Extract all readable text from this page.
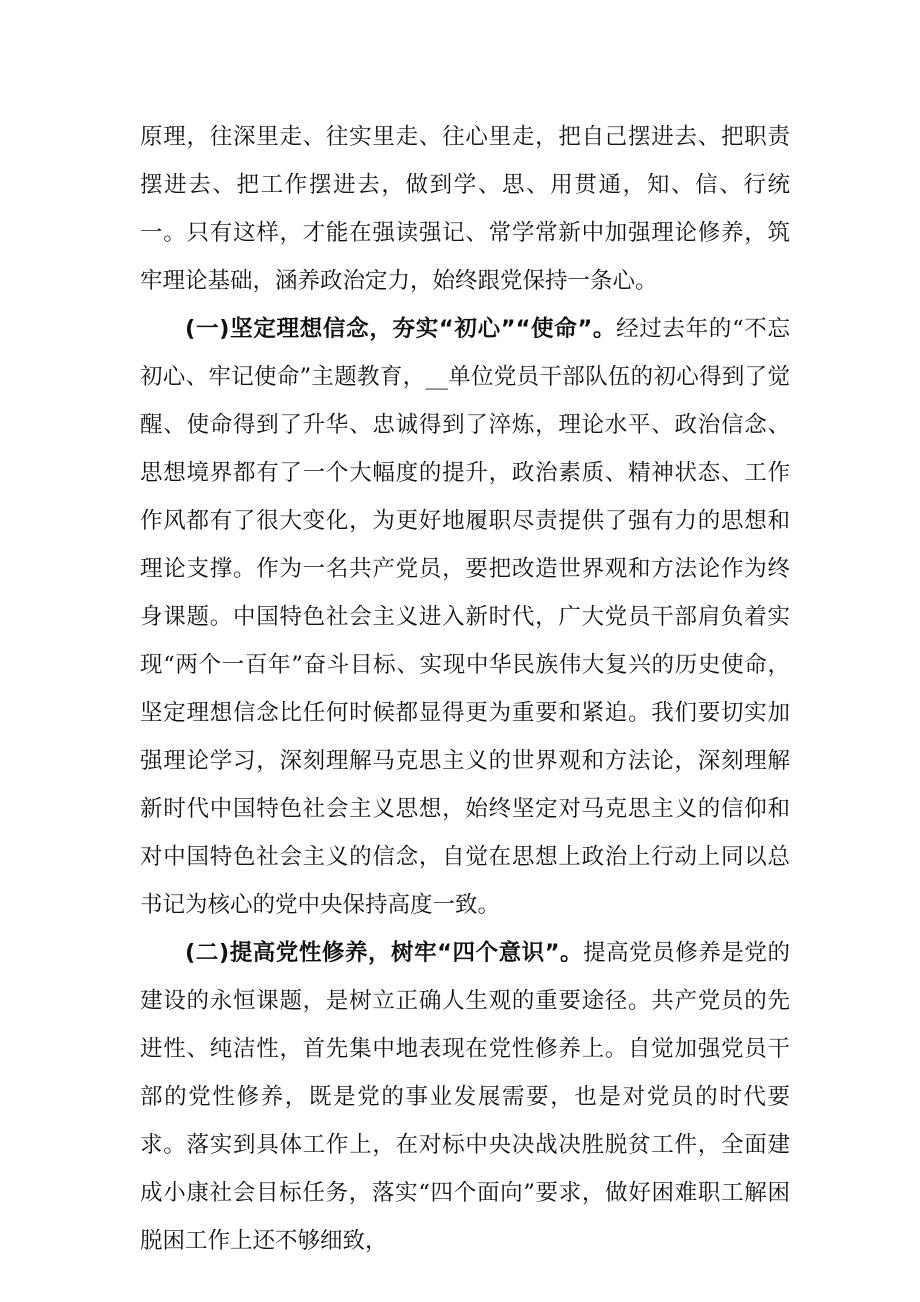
原理，往深里走、往实里走、往心里走，把自己摆进去、把职责摆进去、把工作摆进去，做到学、思、用贯通，知、信、行统一。只有这样，才能在强读强记、常学常新中加强理论修养，筑牢理论基础，涵养政治定力，始终跟党保持一条心。

(一)坚定理想信念，夯实“初心”“使命”。经过去年的“不忘初心、牢记使命”主题教育，__单位党员干部队伍的初心得到了觉醒、使命得到了升华、忠诚得到了淬炼，理论水平、政治信念、思想境界都有了一个大幅度的提升，政治素质、精神状态、工作作风都有了很大变化，为更好地履职尽责提供了强有力的思想和理论支撑。作为一名共产党员，要把改造世界观和方法论作为终身课题。中国特色社会主义进入新时代，广大党员干部肩负着实现“两个一百年”奋斗目标、实现中华民族伟大复兴的历史使命，坚定理想信念比任何时候都显得更为重要和紧迫。我们要切实加强理论学习，深刻理解马克思主义的世界观和方法论，深刻理解新时代中国特色社会主义思想，始终坚定对马克思主义的信仰和对中国特色社会主义的信念，自觉在思想上政治上行动上同以总书记为核心的党中央保持高度一致。

(二)提高党性修养，树牢“四个意识”。提高党员修养是党的建设的永恒课题，是树立正确人生观的重要途径。共产党员的先进性、纯洁性，首先集中地表现在党性修养上。自觉加强党员干部的党性修养，既是党的事业发展需要，也是对党员的时代要求。落实到具体工作上，在对标中央决战决胜脱贫工件，全面建成小康社会目标任务，落实“四个面向”要求，做好困难职工解困脱困工作上还不够细致，
